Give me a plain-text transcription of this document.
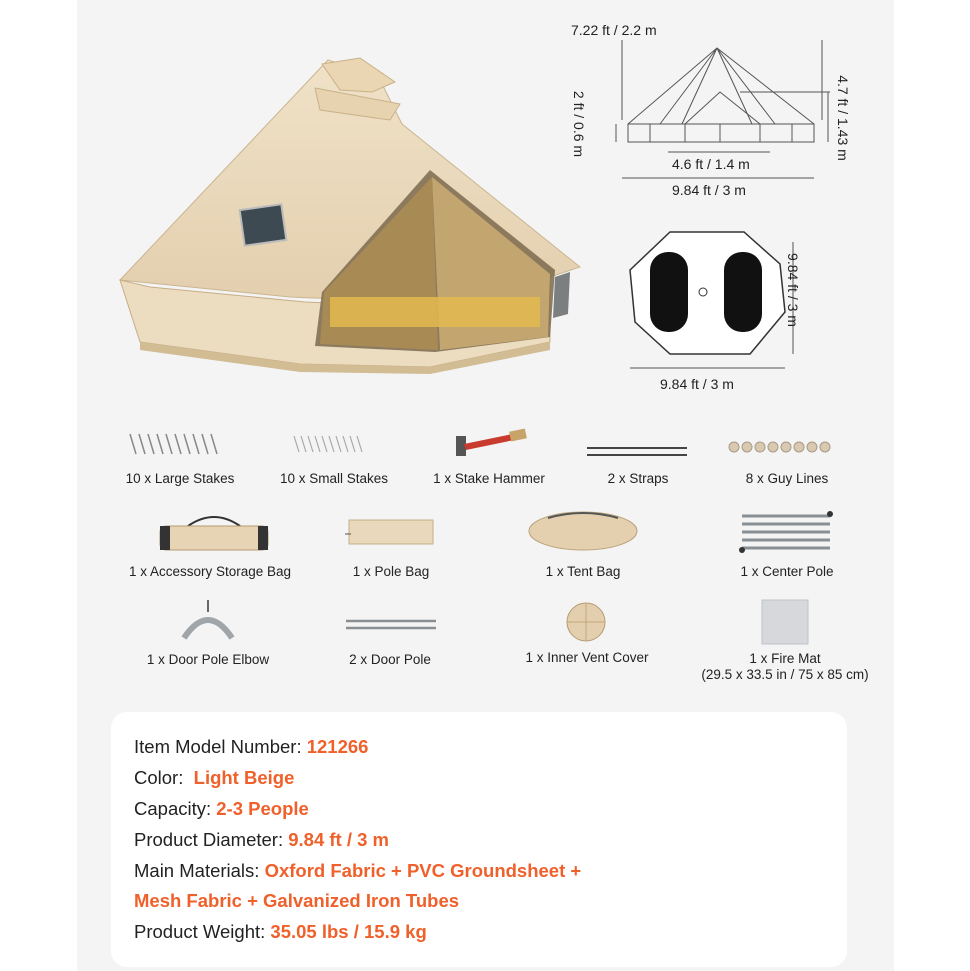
7.22 ft / 2.2 m
2 ft / 0.6 m	4.7 ft / 1.43 m
4.6 ft / 1.4 m
9.84 ft / 3 m
9.84 ft / 3 m
9.84 ft / 3 m
10 x Large Stakes	10 x Small Stakes	1 x Stake Hammer	2 x Straps	8 x Guy Lines
1 x Accessory Storage Bag	1 x Pole Bag	1 x Tent Bag	1 x Center Pole
1 x Door Pole Elbow	2 x Door Pole	1 x Inner Vent Cover	1 x Fire Mat
(29.5 x 33.5 in / 75 x 85 cm)
Item Model Number: 121266
Color: Light Beige
Capacity: 2-3 People
Product Diameter: 9.84 ft / 3 m
Main Materials: Oxford Fabric + PVC Groundsheet +
Mesh Fabric + Galvanized Iron Tubes
Product Weight: 35.05 lbs / 15.9 kg
